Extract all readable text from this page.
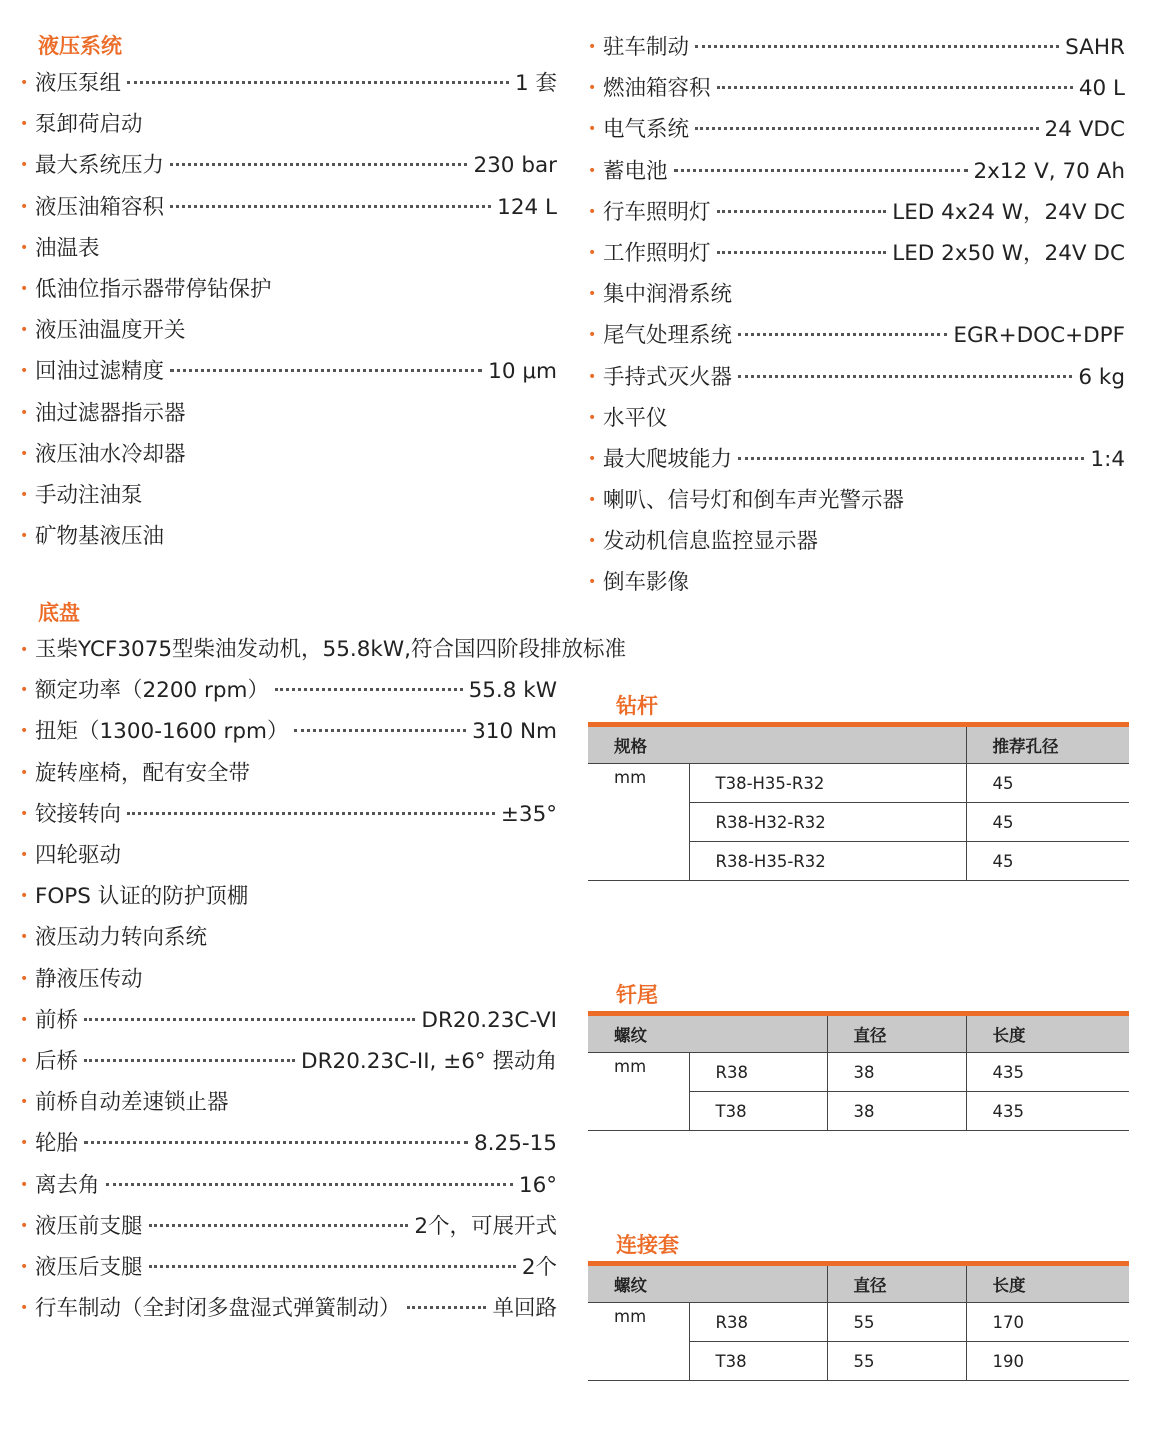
液压系统
• 液压泵组	1 套
• 泵卸荷启动
• 最大系统压力	230 bar
• 液压油箱容积	124 L
• 油温表
• 低油位指示器带停钻保护
• 液压油温度开关
• 回油过滤精度	10 μm
• 油过滤器指示器
• 液压油水冷却器
• 手动注油泵
• 矿物基液压油
底盘
• 玉柴YCF3075型柴油发动机，55.8kW,符合国四阶段排放标准
• 额定功率（2200 rpm）	55.8 kW
• 扭矩（1300-1600 rpm）	310 Nm
• 旋转座椅，配有安全带
• 铰接转向	±35°
• 四轮驱动
• FOPS 认证的防护顶棚
• 液压动力转向系统
• 静液压传动
• 前桥	DR20.23C-VI
• 后桥	DR20.23C-II, ±6° 摆动角
• 前桥自动差速锁止器
• 轮胎	8.25-15
• 离去角	16°
• 液压前支腿	2个，可展开式
• 液压后支腿	2个
• 行车制动（全封闭多盘湿式弹簧制动）	单回路
• 驻车制动	SAHR
• 燃油箱容积	40 L
• 电气系统	24 VDC
• 蓄电池	2x12 V, 70 Ah
• 行车照明灯	LED 4x24 W，24V DC
• 工作照明灯	LED 2x50 W，24V DC
• 集中润滑系统
• 尾气处理系统	EGR+DOC+DPF
• 手持式灭火器	6 kg
• 水平仪
• 最大爬坡能力	1:4
• 喇叭、信号灯和倒车声光警示器
• 发动机信息监控显示器
• 倒车影像
钻杆
规格		推荐孔径
mm	T38-H35-R32	45
	R38-H32-R32	45
	R38-H35-R32	45
钎尾
螺纹		直径	长度
mm	R38	38	435
	T38	38	435
连接套
螺纹		直径	长度
mm	R38	55	170
	T38	55	190
